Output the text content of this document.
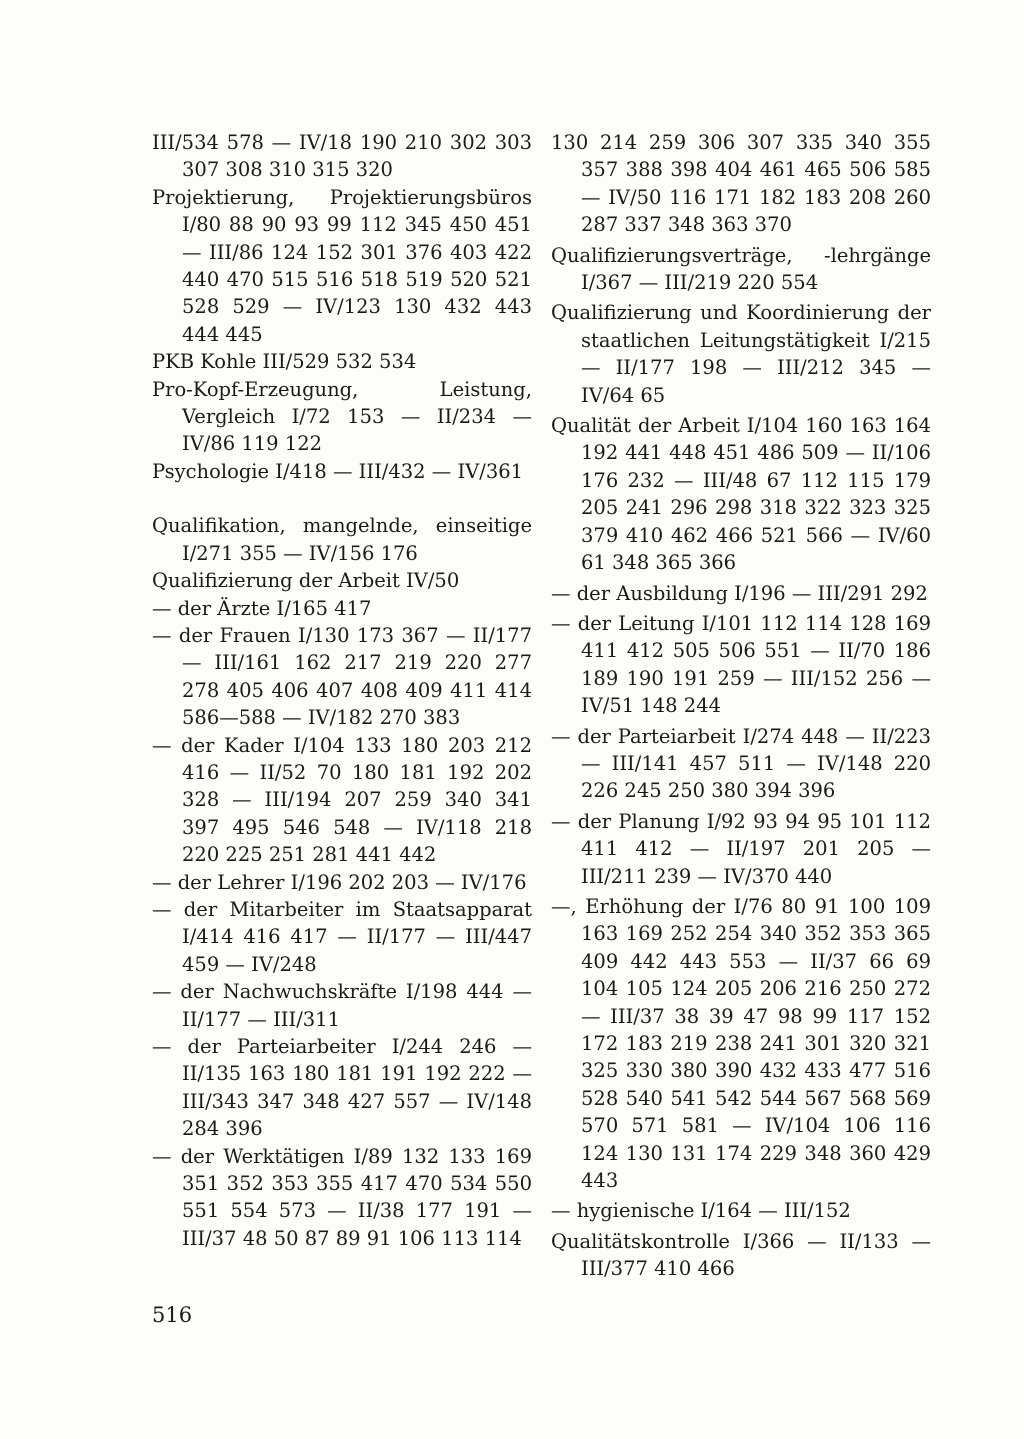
III/534 578 — IV/18 190 210 302 303 307 308 310 315 320

Projektierung, Projektierungsbüros I/80 88 90 93 99 112 345 450 451 — III/86 124 152 301 376 403 422 440 470 515 516 518 519 520 521 528 529 — IV/123 130 432 443 444 445

PKB Kohle III/529 532 534

Pro-Kopf-Erzeugung, Leistung, Vergleich I/72 153 — II/234 — IV/86 119 122

Psychologie I/418 — III/432 — IV/361

Qualifikation, mangelnde, einseitige I/271 355 — IV/156 176

Qualifizierung der Arbeit IV/50

— der Ärzte I/165 417

— der Frauen I/130 173 367 — II/177 — III/161 162 217 219 220 277 278 405 406 407 408 409 411 414 586—588 — IV/182 270 383

— der Kader I/104 133 180 203 212 416 — II/52 70 180 181 192 202 328 — III/194 207 259 340 341 397 495 546 548 — IV/118 218 220 225 251 281 441 442

— der Lehrer I/196 202 203 — IV/176

— der Mitarbeiter im Staatsapparat I/414 416 417 — II/177 — III/447 459 — IV/248

— der Nachwuchskräfte I/198 444 — II/177 — III/311

— der Parteiarbeiter I/244 246 — II/135 163 180 181 191 192 222 — III/343 347 348 427 557 — IV/148 284 396

— der Werktätigen I/89 132 133 169 351 352 353 355 417 470 534 550 551 554 573 — II/38 177 191 — III/37 48 50 87 89 91 106 113 114

130 214 259 306 307 335 340 355 357 388 398 404 461 465 506 585 — IV/50 116 171 182 183 208 260 287 337 348 363 370

Qualifizierungsverträge, -lehrgänge I/367 — III/219 220 554

Qualifizierung und Koordinierung der staatlichen Leitungstätigkeit I/215 — II/177 198 — III/212 345 — IV/64 65

Qualität der Arbeit I/104 160 163 164 192 441 448 451 486 509 — II/106 176 232 — III/48 67 112 115 179 205 241 296 298 318 322 323 325 379 410 462 466 521 566 — IV/60 61 348 365 366

— der Ausbildung I/196 — III/291 292

— der Leitung I/101 112 114 128 169 411 412 505 506 551 — II/70 186 189 190 191 259 — III/152 256 — IV/51 148 244

— der Parteiarbeit I/274 448 — II/223 — III/141 457 511 — IV/148 220 226 245 250 380 394 396

— der Planung I/92 93 94 95 101 112 411 412 — II/197 201 205 — III/211 239 — IV/370 440

—, Erhöhung der I/76 80 91 100 109 163 169 252 254 340 352 353 365 409 442 443 553 — II/37 66 69 104 105 124 205 206 216 250 272 — III/37 38 39 47 98 99 117 152 172 183 219 238 241 301 320 321 325 330 380 390 432 433 477 516 528 540 541 542 544 567 568 569 570 571 581 — IV/104 106 116 124 130 131 174 229 348 360 429 443

— hygienische I/164 — III/152

Qualitätskontrolle I/366 — II/133 — III/377 410 466

516
